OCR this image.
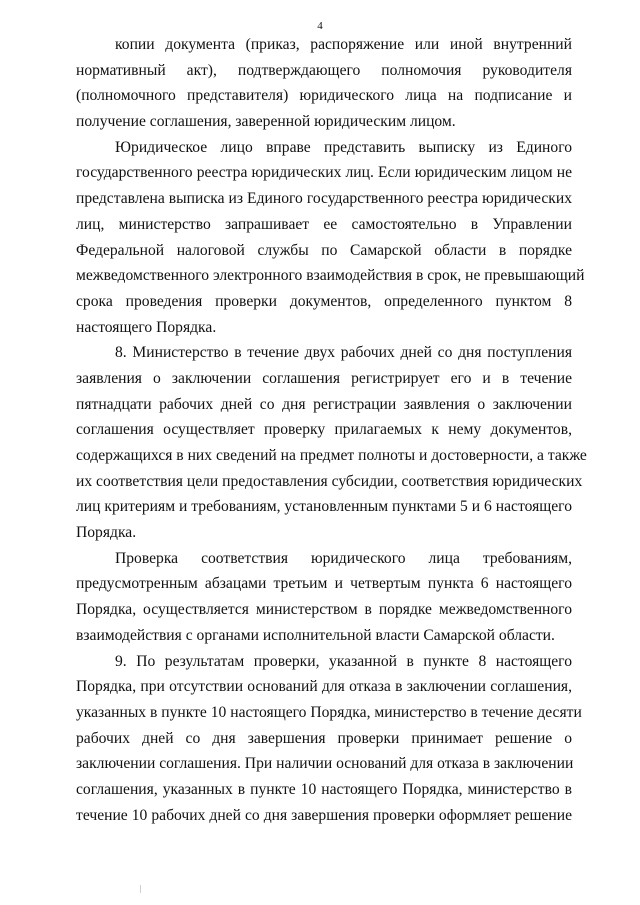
4
копии документа (приказ, распоряжение или иной внутренний
нормативный акт), подтверждающего полномочия руководителя
(полномочного представителя) юридического лица на подписание и
получение соглашения, заверенной юридическим лицом.
Юридическое лицо вправе представить выписку из Единого
государственного реестра юридических лиц. Если юридическим лицом не
представлена выписка из Единого государственного реестра юридических
лиц, министерство запрашивает ее самостоятельно в Управлении
Федеральной налоговой службы по Самарской области в порядке
межведомственного электронного взаимодействия в срок, не превышающий
срока проведения проверки документов, определенного пунктом 8
настоящего Порядка.
8. Министерство в течение двух рабочих дней со дня поступления
заявления о заключении соглашения регистрирует его и в течение
пятнадцати рабочих дней со дня регистрации заявления о заключении
соглашения осуществляет проверку прилагаемых к нему документов,
содержащихся в них сведений на предмет полноты и достоверности, а также
их соответствия цели предоставления субсидии, соответствия юридических
лиц критериям и требованиям, установленным пунктами 5 и 6 настоящего
Порядка.
Проверка соответствия юридического лица требованиям,
предусмотренным абзацами третьим и четвертым пункта 6 настоящего
Порядка, осуществляется министерством в порядке межведомственного
взаимодействия с органами исполнительной власти Самарской области.
9. По результатам проверки, указанной в пункте 8 настоящего
Порядка, при отсутствии оснований для отказа в заключении соглашения,
указанных в пункте 10 настоящего Порядка, министерство в течение десяти
рабочих дней со дня завершения проверки принимает решение о
заключении соглашения. При наличии оснований для отказа в заключении
соглашения, указанных в пункте 10 настоящего Порядка, министерство в
течение 10 рабочих дней со дня завершения проверки оформляет решение
